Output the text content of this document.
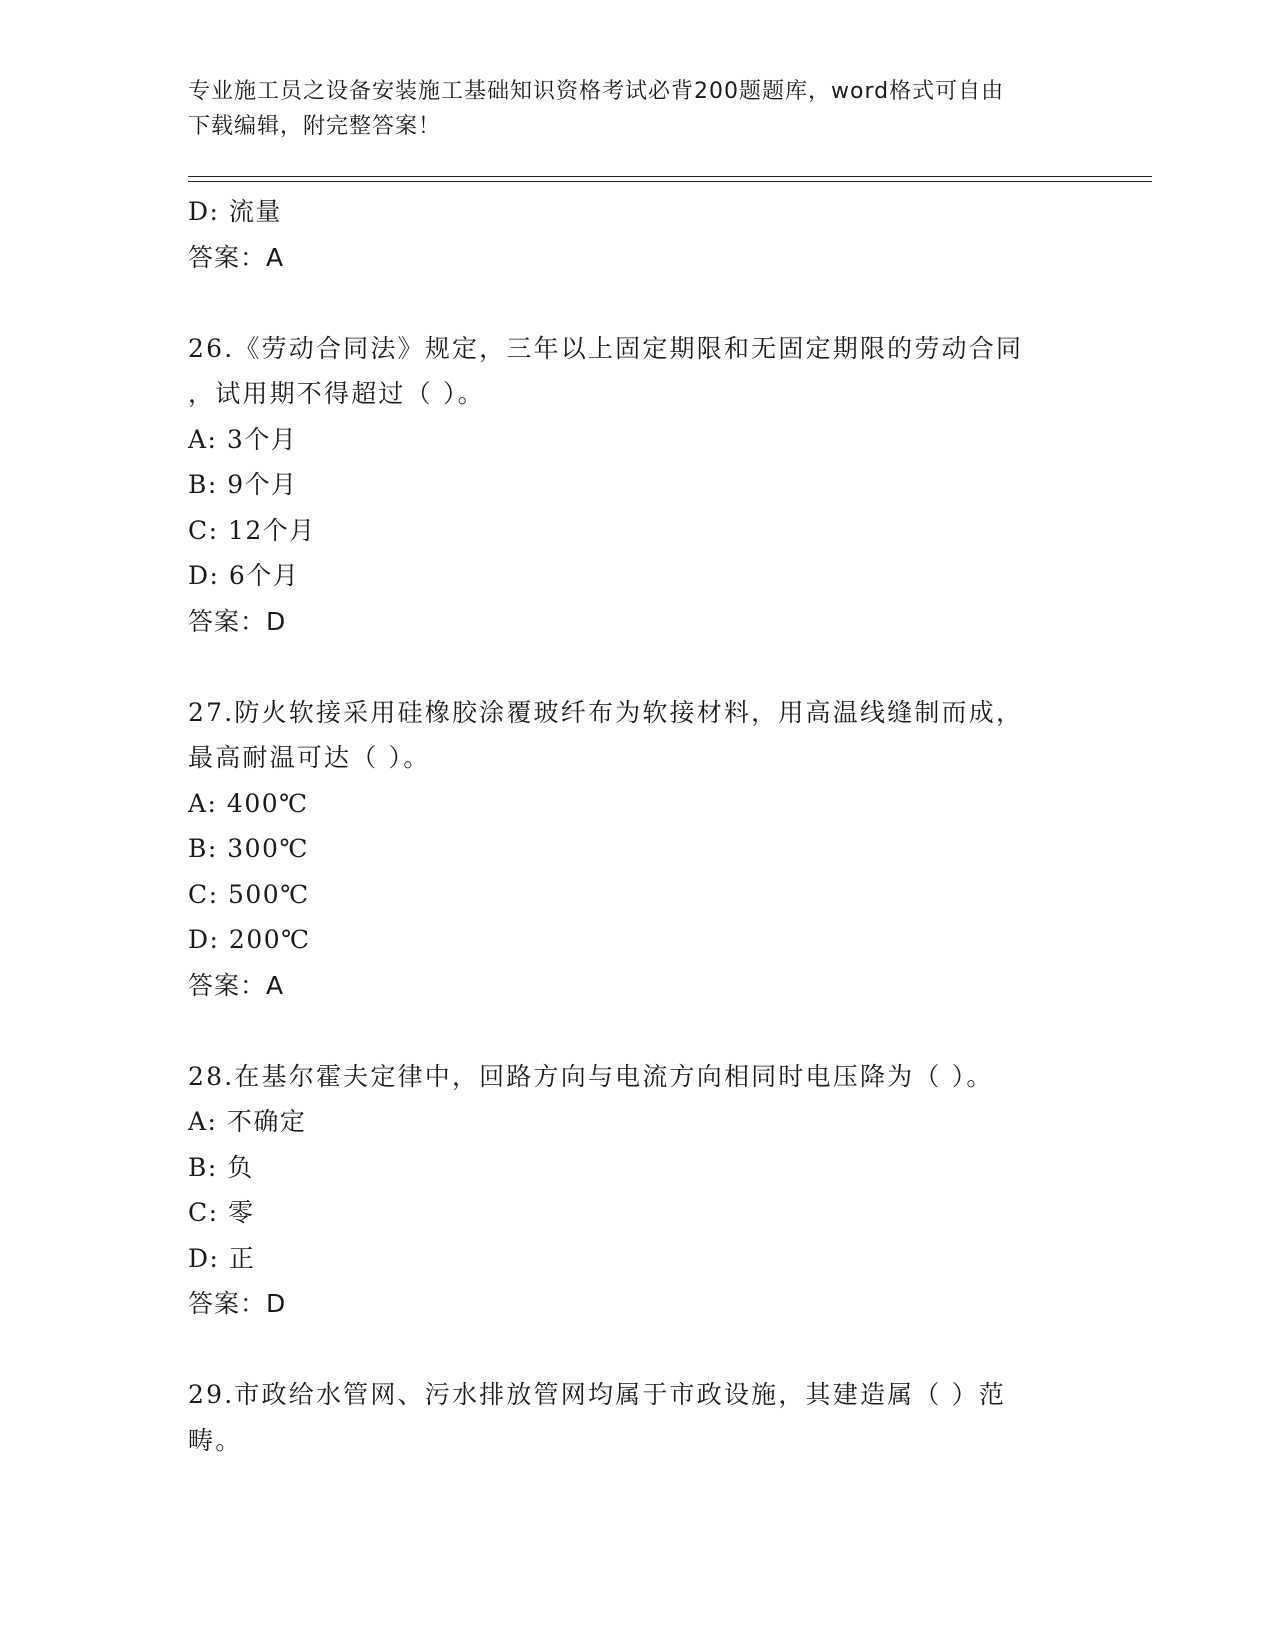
专业施工员之设备安装施工基础知识资格考试必背200题题库，word格式可自由
下载编辑，附完整答案！
D: 流量
答案：A
26.《劳动合同法》规定，三年以上固定期限和无固定期限的劳动合同
，试用期不得超过（ ）。
A: 3个月
B: 9个月
C: 12个月
D: 6个月
答案：D
27.防火软接采用硅橡胶涂覆玻纤布为软接材料，用高温线缝制而成，
最高耐温可达（ ）。
A: 400℃
B: 300℃
C: 500℃
D: 200℃
答案：A
28.在基尔霍夫定律中，回路方向与电流方向相同时电压降为（ ）。
A: 不确定
B: 负
C: 零
D: 正
答案：D
29.市政给水管网、污水排放管网均属于市政设施，其建造属（ ）范
畴。
